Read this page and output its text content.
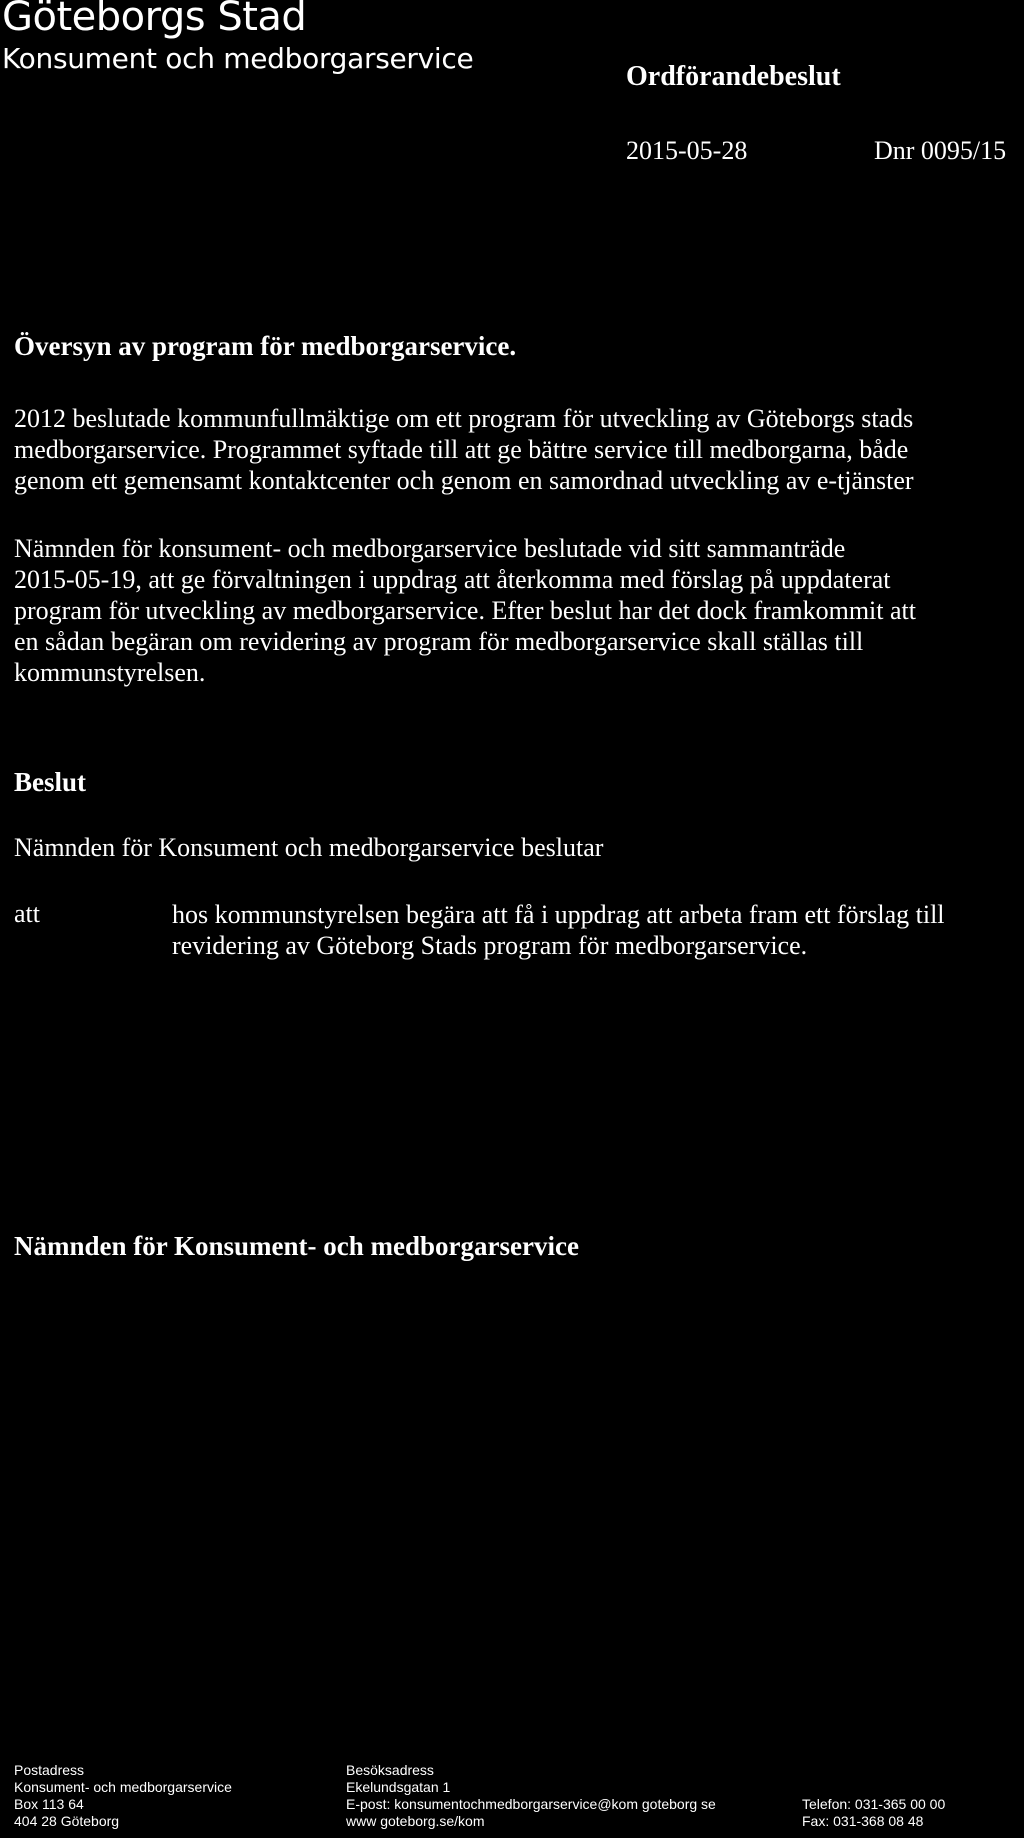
Göteborgs Stad
Konsument och medborgarservice
Ordförandebeslut
2015-05-28	Dnr 0095/15
Översyn av program för medborgarservice.
2012 beslutade kommunfullmäktige om ett program för utveckling av Göteborgs stads
medborgarservice. Programmet syftade till att ge bättre service till medborgarna, både
genom ett gemensamt kontaktcenter och genom en samordnad utveckling av e-tjänster
Nämnden för konsument- och medborgarservice beslutade vid sitt sammanträde
2015-05-19, att ge förvaltningen i uppdrag att återkomma med förslag på uppdaterat
program för utveckling av medborgarservice. Efter beslut har det dock framkommit att
en sådan begäran om revidering av program för medborgarservice skall ställas till
kommunstyrelsen.
Beslut
Nämnden för Konsument och medborgarservice beslutar
att	hos kommunstyrelsen begära att få i uppdrag att arbeta fram ett förslag till
revidering av Göteborg Stads program för medborgarservice.
Nämnden för Konsument- och medborgarservice
Postadress
Konsument- och medborgarservice
Box 113 64
404 28 Göteborg
Besöksadress
Ekelundsgatan 1
E-post: konsumentochmedborgarservice@kom goteborg se
www goteborg.se/kom

Telefon: 031-365 00 00
Fax: 031-368 08 48
